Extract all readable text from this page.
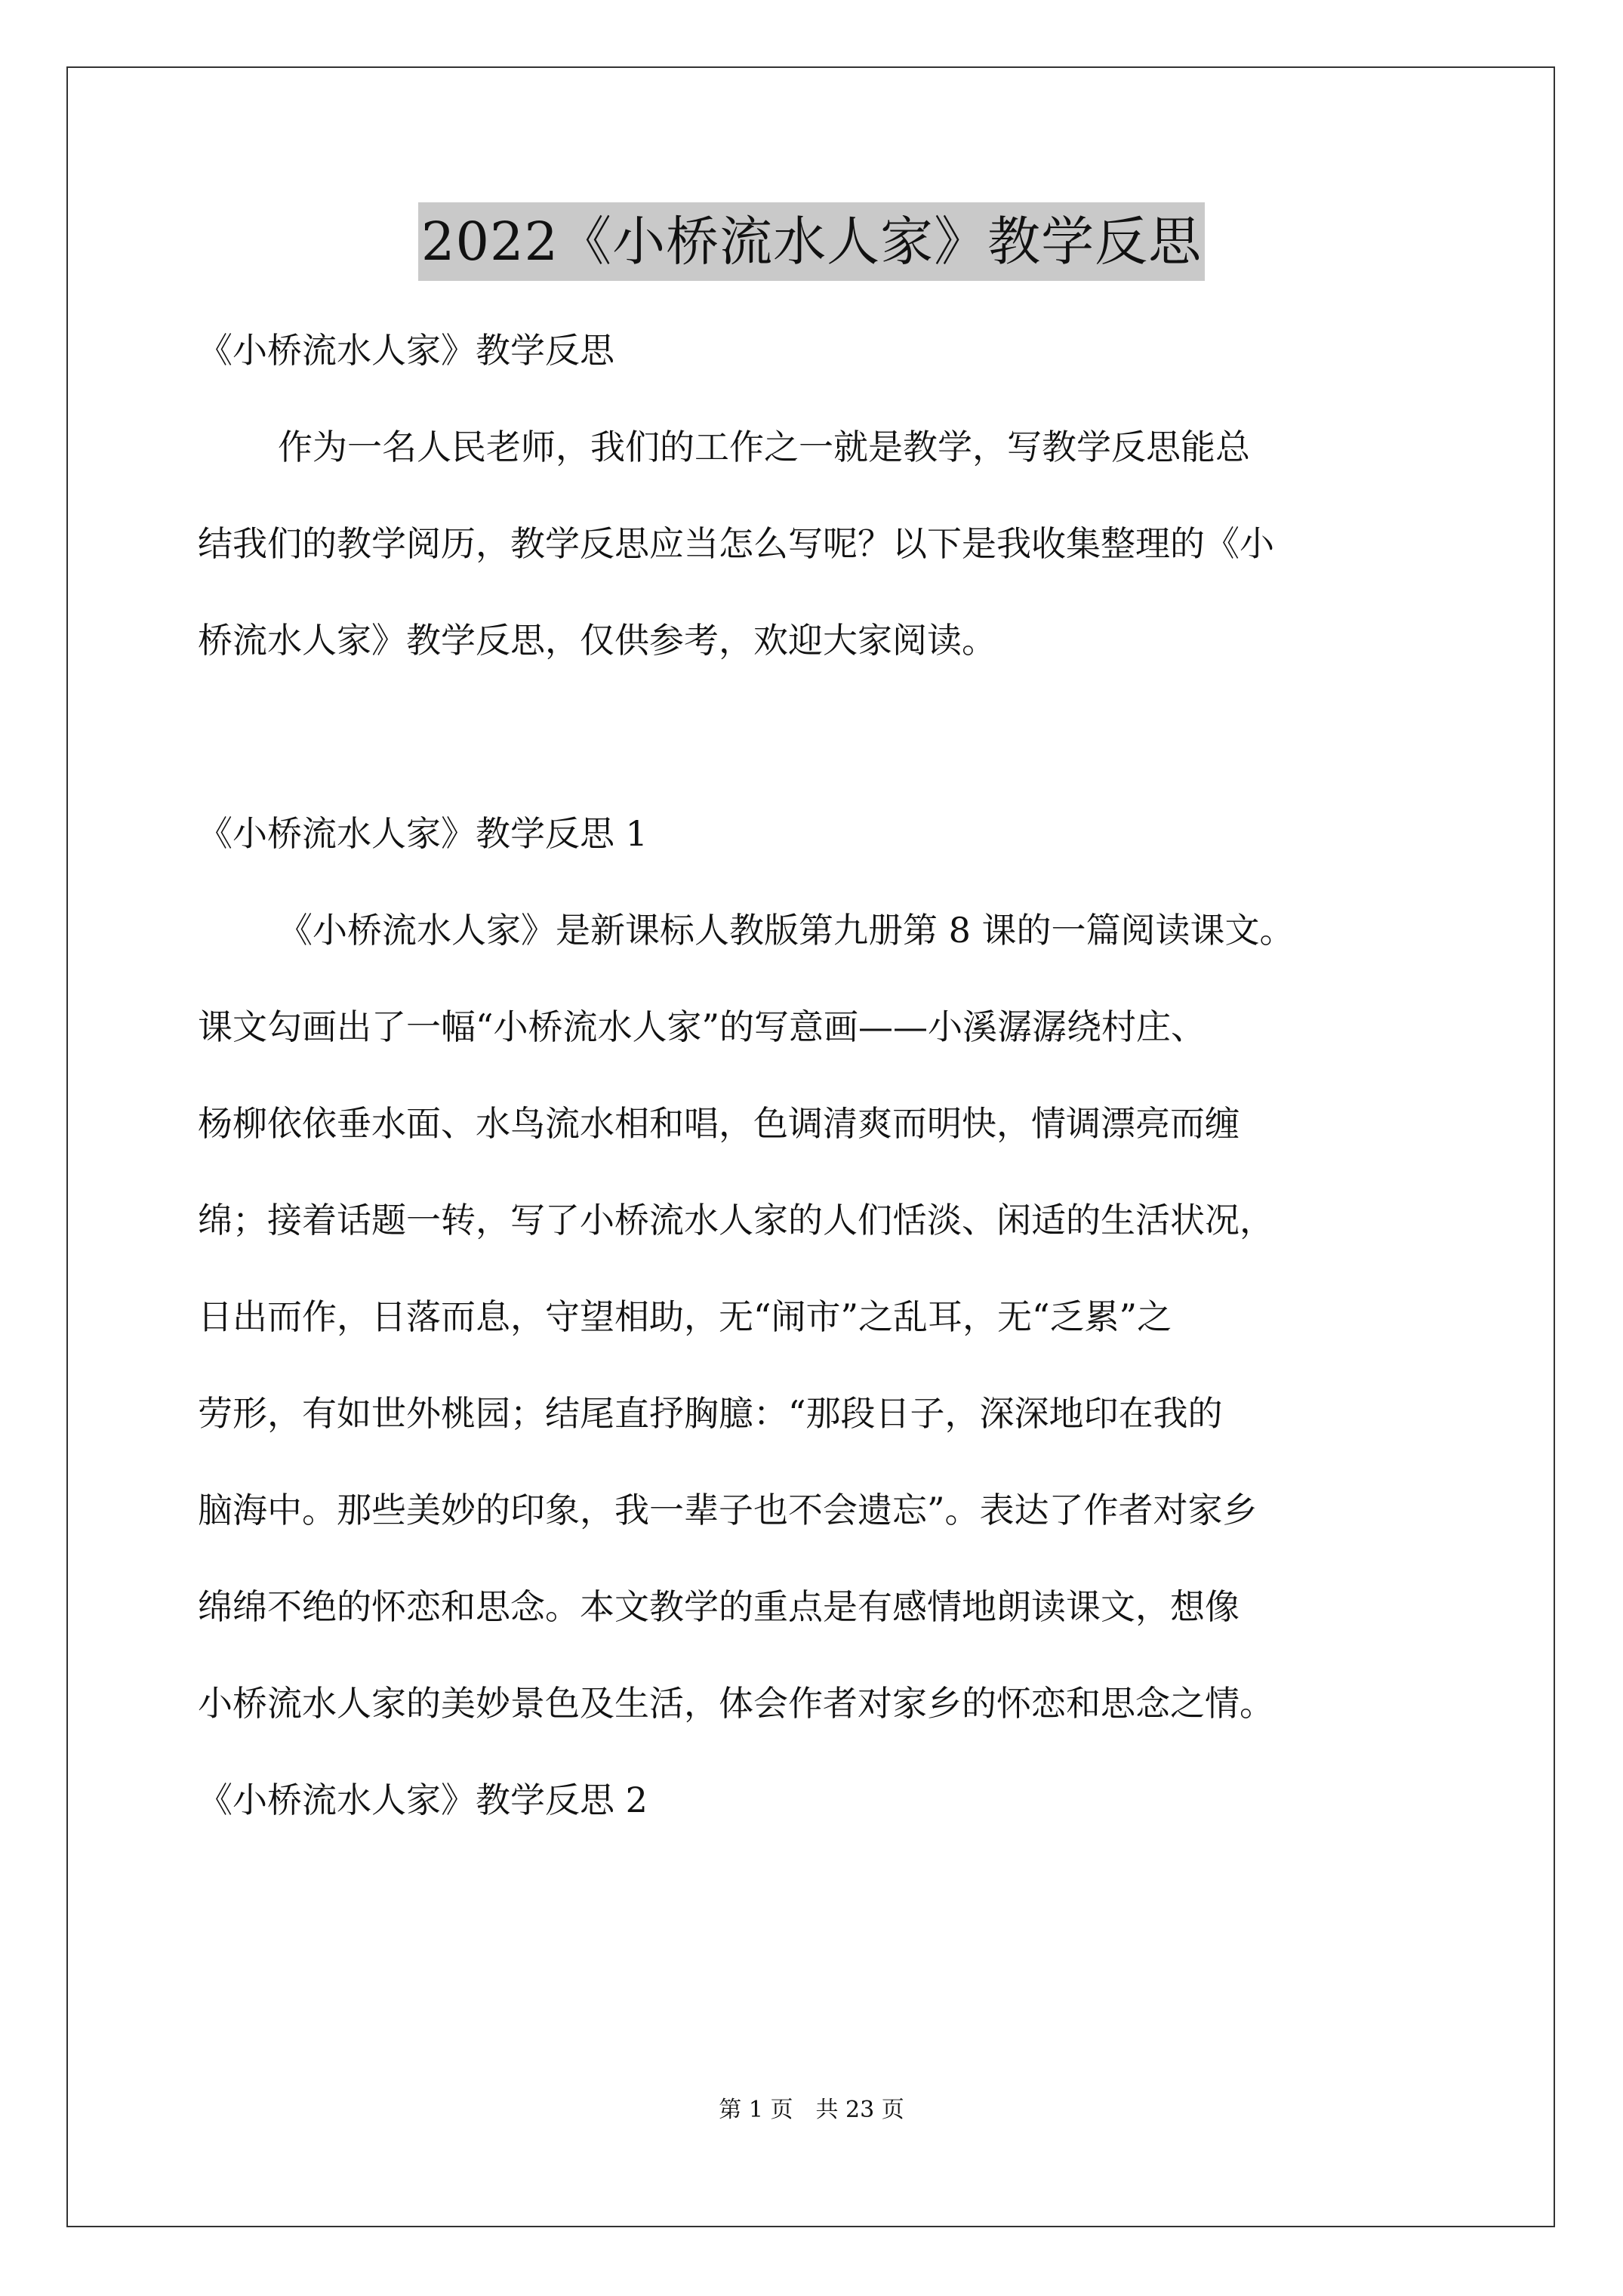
2022《小桥流水人家》教学反思
《小桥流水人家》教学反思
作为一名人民老师，我们的工作之一就是教学，写教学反思能总
结我们的教学阅历，教学反思应当怎么写呢？以下是我收集整理的《小
桥流水人家》教学反思，仅供参考，欢迎大家阅读。
《小桥流水人家》教学反思 1
《小桥流水人家》是新课标人教版第九册第 8 课的一篇阅读课文。
课文勾画出了一幅“小桥流水人家”的写意画——小溪潺潺绕村庄、
杨柳依依垂水面、水鸟流水相和唱，色调清爽而明快，情调漂亮而缠
绵；接着话题一转，写了小桥流水人家的人们恬淡、闲适的生活状况，
日出而作，日落而息，守望相助，无“闹市”之乱耳，无“乏累”之
劳形，有如世外桃园；结尾直抒胸臆：“那段日子，深深地印在我的
脑海中。那些美妙的印象，我一辈子也不会遗忘”。表达了作者对家乡
绵绵不绝的怀恋和思念。本文教学的重点是有感情地朗读课文，想像
小桥流水人家的美妙景色及生活，体会作者对家乡的怀恋和思念之情。
《小桥流水人家》教学反思 2
第 1 页 共 23 页
